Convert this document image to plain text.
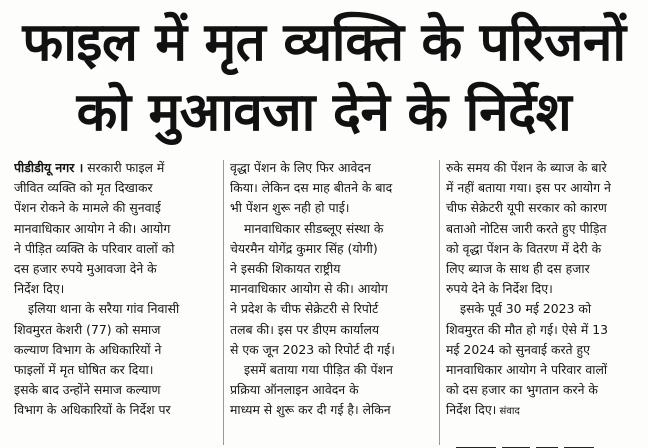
फाइल में मृत व्यक्ति के परिजनों
को मुआवजा देने के निर्देश
पीडीडीयू नगर । सरकारी फाइल में
जीवित व्यक्ति को मृत दिखाकर
पेंशन रोकने के मामले की सुनवाई
मानवाधिकार आयोग ने की। आयोग
ने पीड़ित व्यक्ति के परिवार वालों को
दस हजार रुपये मुआवजा देने के
निर्देश दिए।
इलिया थाना के सरैया गांव निवासी
शिवमुरत केशरी (77) को समाज
कल्याण विभाग के अधिकारियों ने
फाइलों में मृत घोषित कर दिया।
इसके बाद उन्होंने समाज कल्याण
विभाग के अधिकारियों के निर्देश पर
वृद्धा पेंशन के लिए फिर आवेदन
किया। लेकिन दस माह बीतने के बाद
भी पेंशन शुरू नही हो पाई।
मानवाधिकार सीडब्लूए संस्था के
चेयरमैन योगेंद्र कुमार सिंह (योगी)
ने इसकी शिकायत राष्ट्रीय
मानवाधिकार आयोग से की। आयोग
ने प्रदेश के चीफ सेक्रेटरी से रिपोर्ट
तलब की। इस पर डीएम कार्यालय
से एक जून 2023 को रिपोर्ट दी गई।
इसमें बताया गया पीड़ित की पेंशन
प्रक्रिया ऑनलाइन आवेदन के
माध्यम से शुरू कर दी गई है। लेकिन
रुके समय की पेंशन के ब्याज के बारे
में नहीं बताया गया। इस पर आयोग ने
चीफ सेक्रेटरी यूपी सरकार को कारण
बताओ नोटिस जारी करते हुए पीड़ित
को वृद्धा पेंशन के वितरण में देरी के
लिए ब्याज के साथ ही दस हजार
रुपये देने के निर्देश दिए।
इसके पूर्व 30 मई 2023 को
शिवमुरत की मौत हो गई। ऐसे में 13
मई 2024 को सुनवाई करते हुए
मानवाधिकार आयोग ने परिवार वालों
को दस हजार का भुगतान करने के
निर्देश दिए। संवाद
